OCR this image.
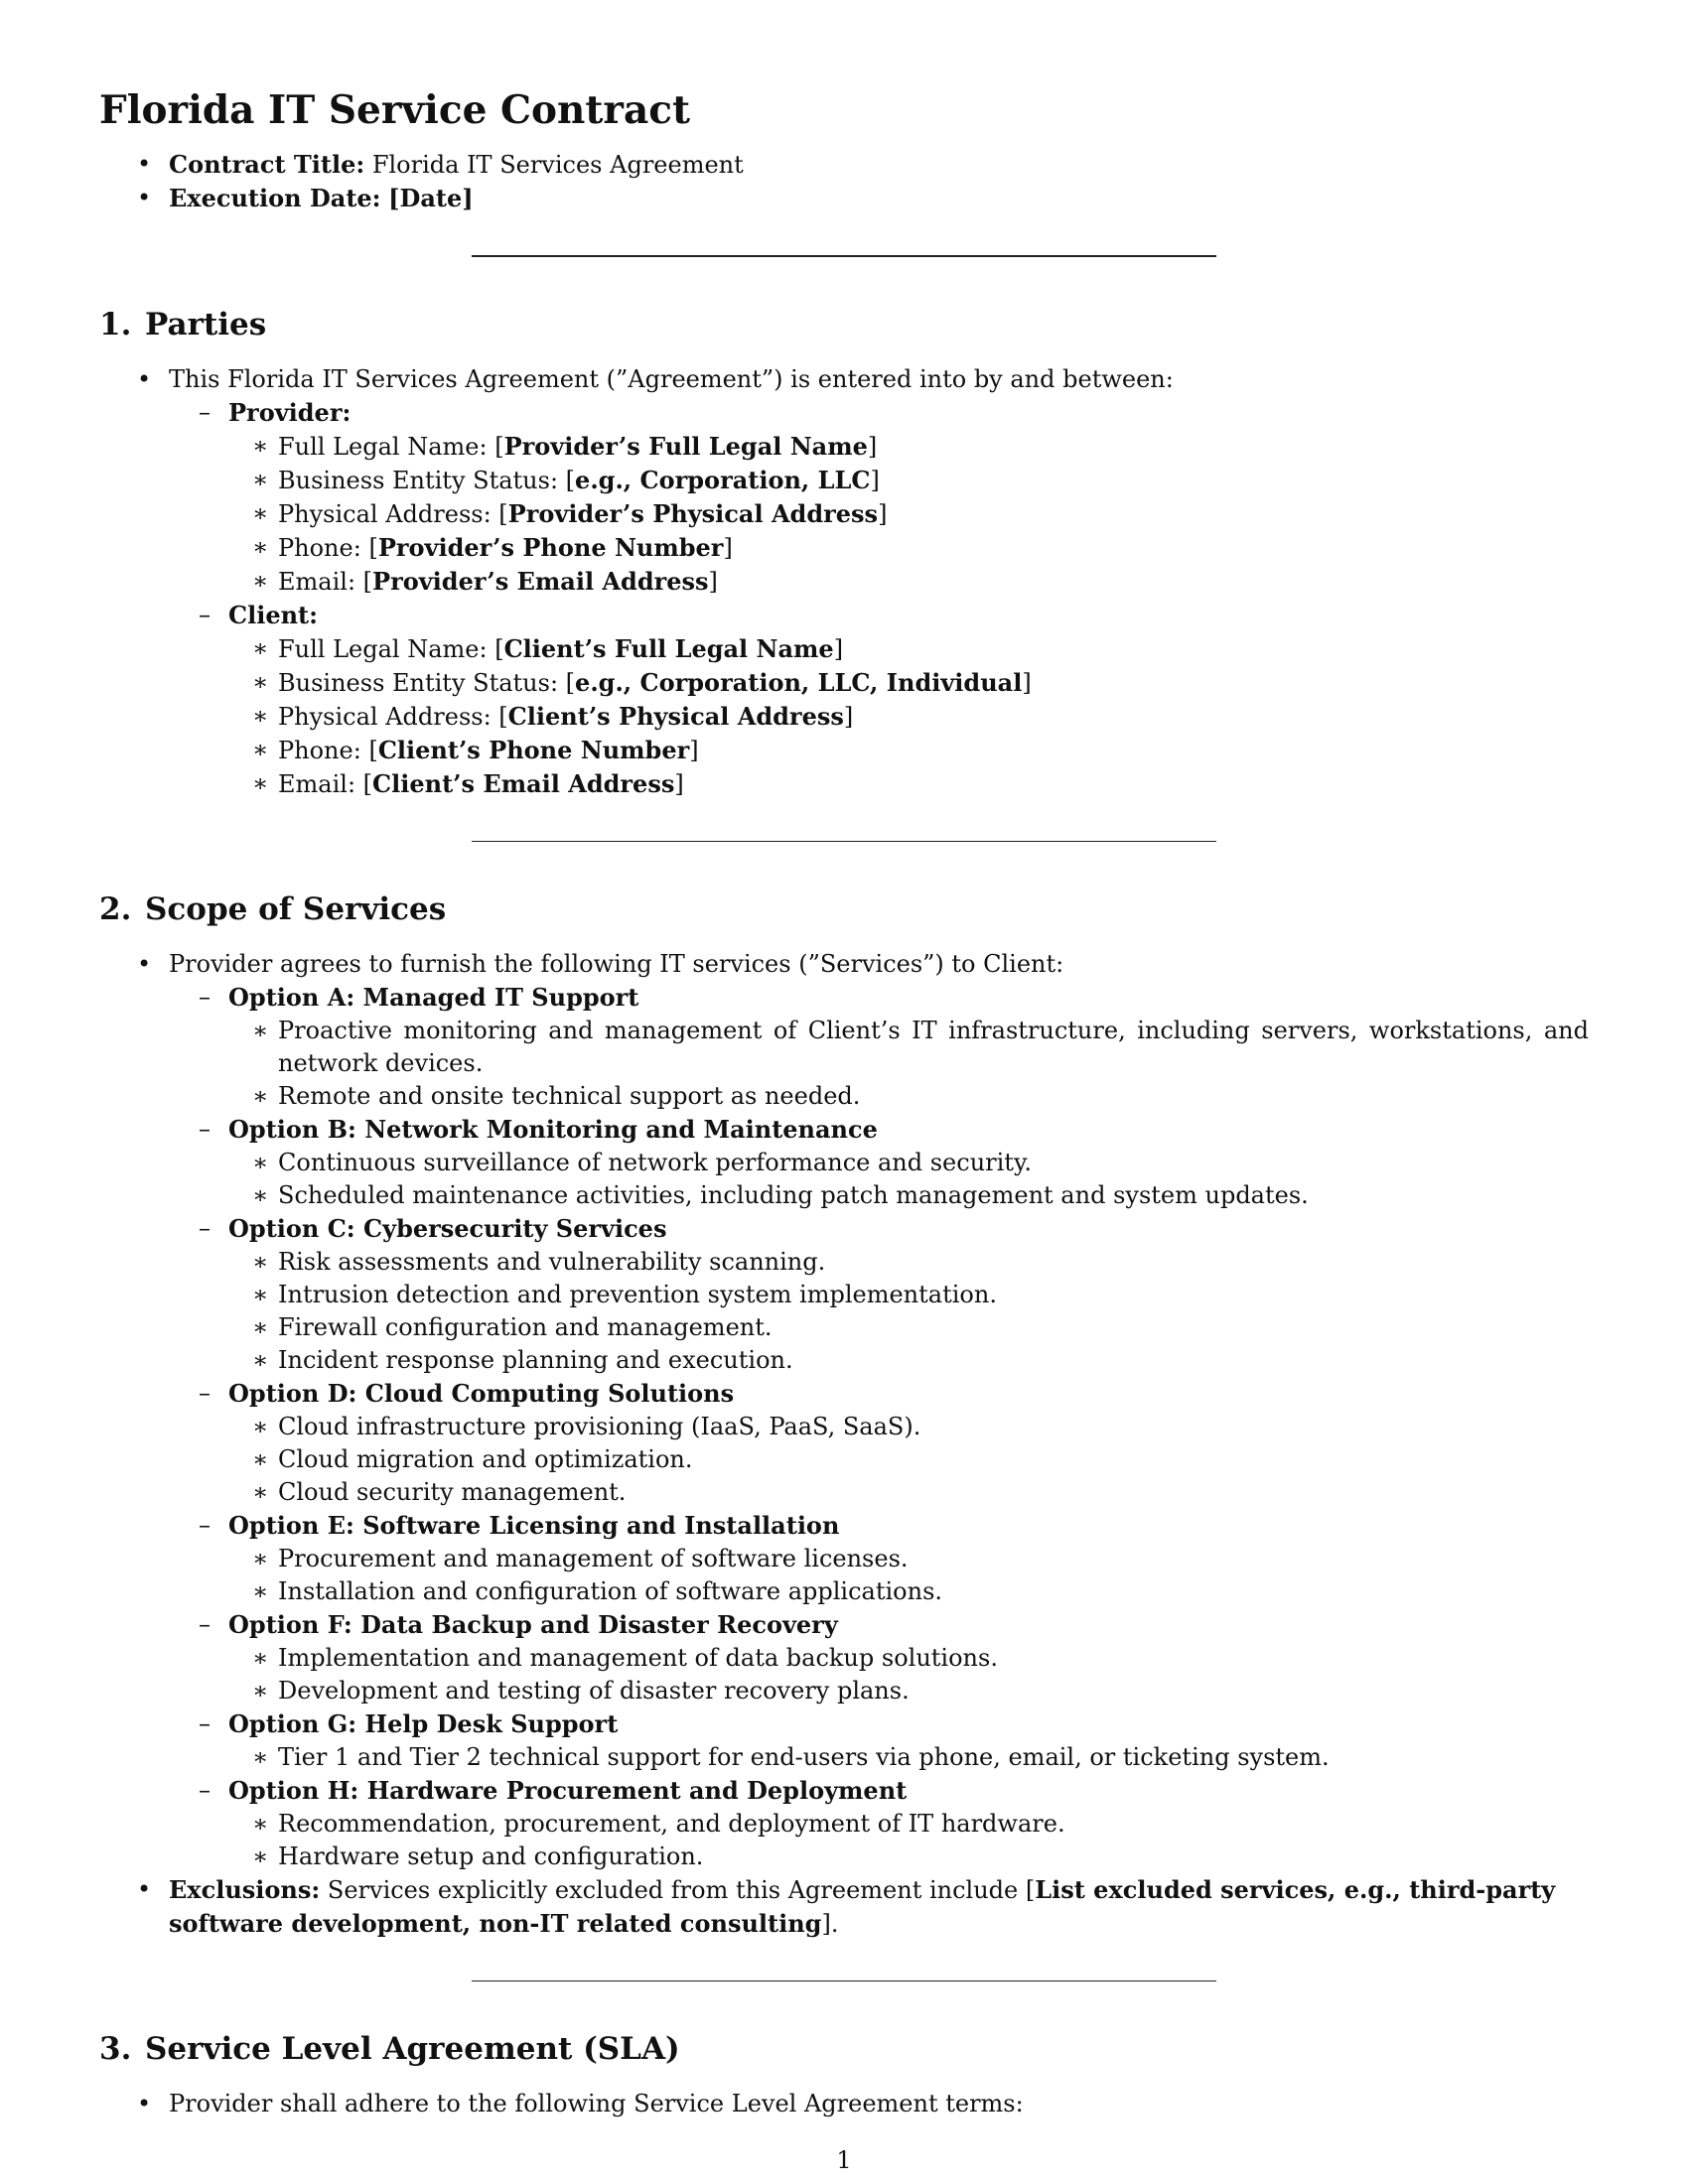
Florida IT Service Contract
• Contract Title: Florida IT Services Agreement
• Execution Date: [Date]
1. Parties
• This Florida IT Services Agreement (”Agreement”) is entered into by and between:
– Provider:
∗ Full Legal Name: [Provider’s Full Legal Name]
∗ Business Entity Status: [e.g., Corporation, LLC]
∗ Physical Address: [Provider’s Physical Address]
∗ Phone: [Provider’s Phone Number]
∗ Email: [Provider’s Email Address]
– Client:
∗ Full Legal Name: [Client’s Full Legal Name]
∗ Business Entity Status: [e.g., Corporation, LLC, Individual]
∗ Physical Address: [Client’s Physical Address]
∗ Phone: [Client’s Phone Number]
∗ Email: [Client’s Email Address]
2. Scope of Services
• Provider agrees to furnish the following IT services (”Services”) to Client:
– Option A: Managed IT Support
∗ Proactive monitoring and management of Client’s IT infrastructure, including servers, workstations, and network devices.
∗ Remote and onsite technical support as needed.
– Option B: Network Monitoring and Maintenance
∗ Continuous surveillance of network performance and security.
∗ Scheduled maintenance activities, including patch management and system updates.
– Option C: Cybersecurity Services
∗ Risk assessments and vulnerability scanning.
∗ Intrusion detection and prevention system implementation.
∗ Firewall configuration and management.
∗ Incident response planning and execution.
– Option D: Cloud Computing Solutions
∗ Cloud infrastructure provisioning (IaaS, PaaS, SaaS).
∗ Cloud migration and optimization.
∗ Cloud security management.
– Option E: Software Licensing and Installation
∗ Procurement and management of software licenses.
∗ Installation and configuration of software applications.
– Option F: Data Backup and Disaster Recovery
∗ Implementation and management of data backup solutions.
∗ Development and testing of disaster recovery plans.
– Option G: Help Desk Support
∗ Tier 1 and Tier 2 technical support for end-users via phone, email, or ticketing system.
– Option H: Hardware Procurement and Deployment
∗ Recommendation, procurement, and deployment of IT hardware.
∗ Hardware setup and configuration.
• Exclusions: Services explicitly excluded from this Agreement include [List excluded services, e.g., third-party software development, non-IT related consulting].
3. Service Level Agreement (SLA)
• Provider shall adhere to the following Service Level Agreement terms:
1
